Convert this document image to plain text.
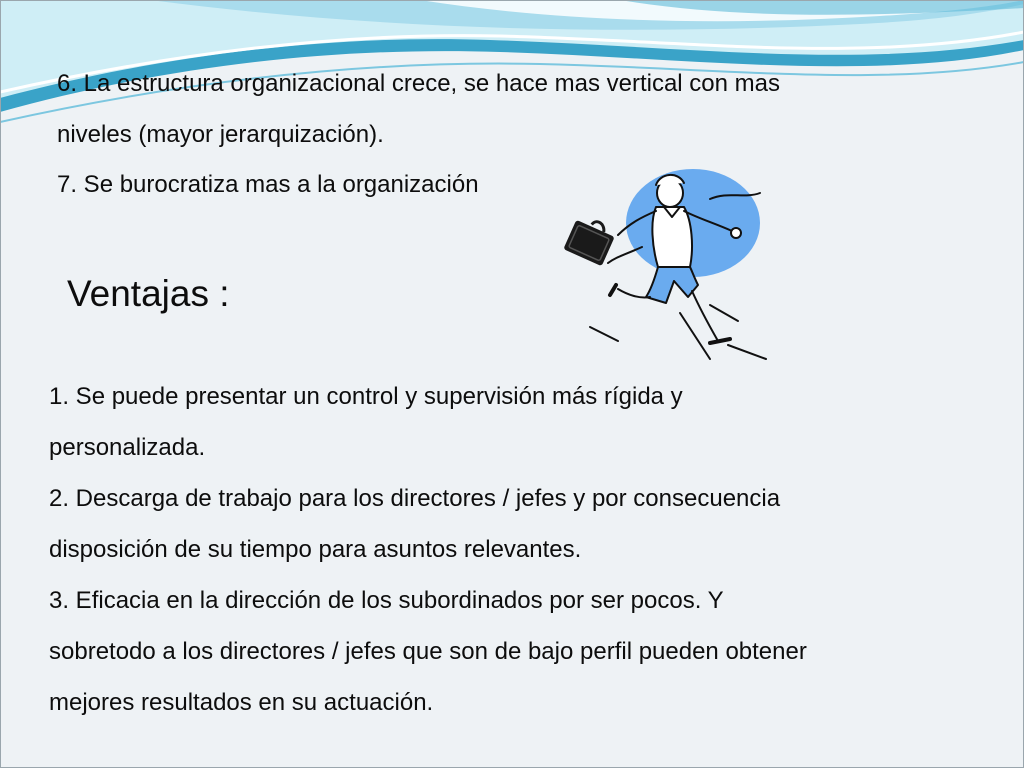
6. La estructura organizacional crece, se hace mas vertical con mas

niveles (mayor jerarquización).

7. Se burocratiza mas a la organización

Ventajas :
1. Se puede presentar un control y supervisión más rígida y
personalizada.
2. Descarga de trabajo para los directores / jefes y por consecuencia
disposición de su tiempo para asuntos relevantes.
3. Eficacia en la dirección de los subordinados por ser pocos. Y
sobretodo a los directores / jefes que son de bajo perfil pueden obtener
mejores resultados en su actuación.
